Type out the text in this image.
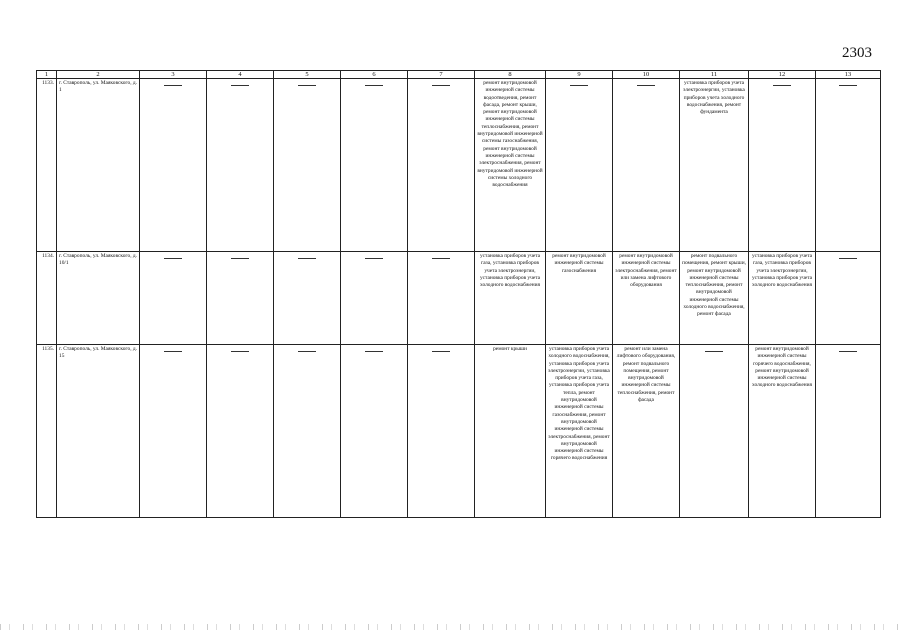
2303
1	2	3	4	5	6	7	8	9	10	11	12	13
1133.	г. Ставрополь, ул. Маяковского, д. 1						ремонт внутридомовой инженерной системы водоотведения, ремонт фасада, ремонт крыши, ремонт внутридомовой инженерной системы теплоснабжения, ремонт внутридомовой инженерной системы газоснабжения, ремонт внутридомовой инженерной системы электроснабжения, ремонт внутридомовой инженерной системы холодного водоснабжения			установка приборов учета электроэнергии, установка приборов учета холодного водоснабжения, ремонт фундамента	

1134.	г. Ставрополь, ул. Маяковского, д. 10/1						установка приборов учета газа, установка приборов учета электроэнергии, установка приборов учета холодного водоснабжения	ремонт внутридомовой инженерной системы газоснабжения	ремонт внутридомовой инженерной системы электроснабжения, ремонт или замена лифтового оборудования	ремонт подвального помещения, ремонт крыши, ремонт внутридомовой инженерной системы теплоснабжения, ремонт внутридомовой инженерной системы холодного водоснабжения, ремонт фасада	установка приборов учета газа, установка приборов учета электроэнергии, установка приборов учета холодного водоснабжения	

1135.	г. Ставрополь, ул. Маяковского, д. 15						ремонт крыши	установка приборов учета холодного водоснабжения, установка приборов учета электроэнергии, установка приборов учета газа, установка приборов учета тепла, ремонт внутридомовой инженерной системы газоснабжения, ремонт внутридомовой инженерной системы электроснабжения, ремонт внутридомовой инженерной системы горячего водоснабжения	ремонт или замена лифтового оборудования, ремонт подвального помещения, ремонт внутридомовой инженерной системы теплоснабжения, ремонт фасада		ремонт внутридомовой инженерной системы горячего водоснабжения, ремонт внутридомовой инженерной системы холодного водоснабжения	
